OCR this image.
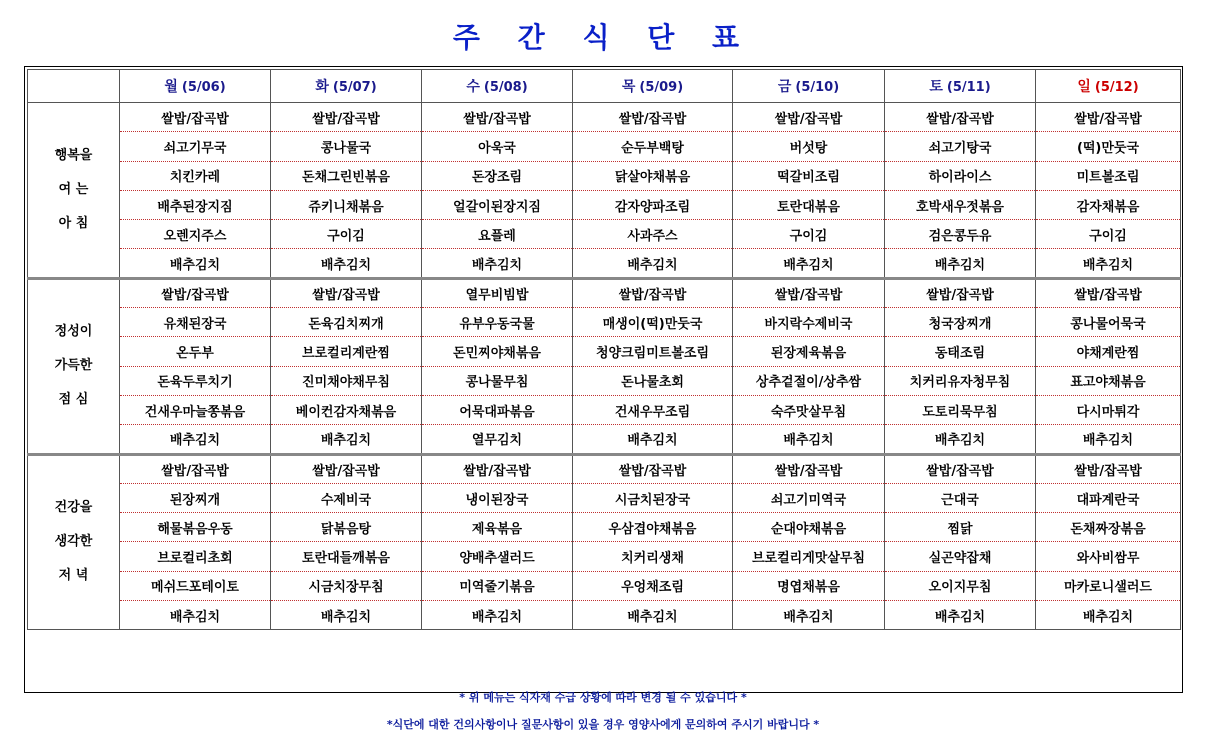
주 간 식 단 표
	월 (5/06)	화 (5/07)	수 (5/08)	목 (5/09)	금 (5/10)	토 (5/11)	일 (5/12)

행복을
여 는
아 침	쌀밥/잡곡밥	쌀밥/잡곡밥	쌀밥/잡곡밥	쌀밥/잡곡밥	쌀밥/잡곡밥	쌀밥/잡곡밥	쌀밥/잡곡밥
	쇠고기무국	콩나물국	아욱국	순두부백탕	버섯탕	쇠고기탕국	(떡)만둣국
	치킨카레	돈채그린빈볶음	돈장조림	닭살야채볶음	떡갈비조림	하이라이스	미트볼조림
	배추된장지짐	쥬키니채볶음	얼갈이된장지짐	감자양파조림	토란대볶음	호박새우젓볶음	감자채볶음
	오렌지주스	구이김	요플레	사과주스	구이김	검은콩두유	구이김
	배추김치	배추김치	배추김치	배추김치	배추김치	배추김치	배추김치

정성이
가득한
점 심	쌀밥/잡곡밥	쌀밥/잡곡밥	열무비빔밥	쌀밥/잡곡밥	쌀밥/잡곡밥	쌀밥/잡곡밥	쌀밥/잡곡밥
	유채된장국	돈육김치찌개	유부우동국물	매생이(떡)만둣국	바지락수제비국	청국장찌개	콩나물어묵국
	온두부	브로컬리계란찜	돈민찌야채볶음	청양크림미트볼조림	된장제육볶음	동태조림	야채계란찜
	돈육두루치기	진미채야채무침	콩나물무침	돈나물초회	상추겉절이/상추쌈	치커리유자청무침	표고야채볶음
	건새우마늘쫑볶음	베이컨감자채볶음	어묵대파볶음	건새우무조림	숙주맛살무침	도토리묵무침	다시마튀각
	배추김치	배추김치	열무김치	배추김치	배추김치	배추김치	배추김치

건강을
생각한
저 녁	쌀밥/잡곡밥	쌀밥/잡곡밥	쌀밥/잡곡밥	쌀밥/잡곡밥	쌀밥/잡곡밥	쌀밥/잡곡밥	쌀밥/잡곡밥
	된장찌개	수제비국	냉이된장국	시금치된장국	쇠고기미역국	근대국	대파계란국
	해물볶음우동	닭볶음탕	제육볶음	우삼겹야채볶음	순대야채볶음	찜닭	돈채짜장볶음
	브로컬리초회	토란대들깨볶음	양배추샐러드	치커리생채	브로컬리게맛살무침	실곤약잡채	와사비쌈무
	메쉬드포테이토	시금치장무침	미역줄기볶음	우엉채조림	명엽채볶음	오이지무침	마카로니샐러드
	배추김치	배추김치	배추김치	배추김치	배추김치	배추김치	배추김치
* 위 메뉴는 식자재 수급 상황에 따라 변경 될 수 있습니다 *
*식단에 대한 건의사항이나 질문사항이 있을 경우 영양사에게 문의하여 주시기 바랍니다 *
